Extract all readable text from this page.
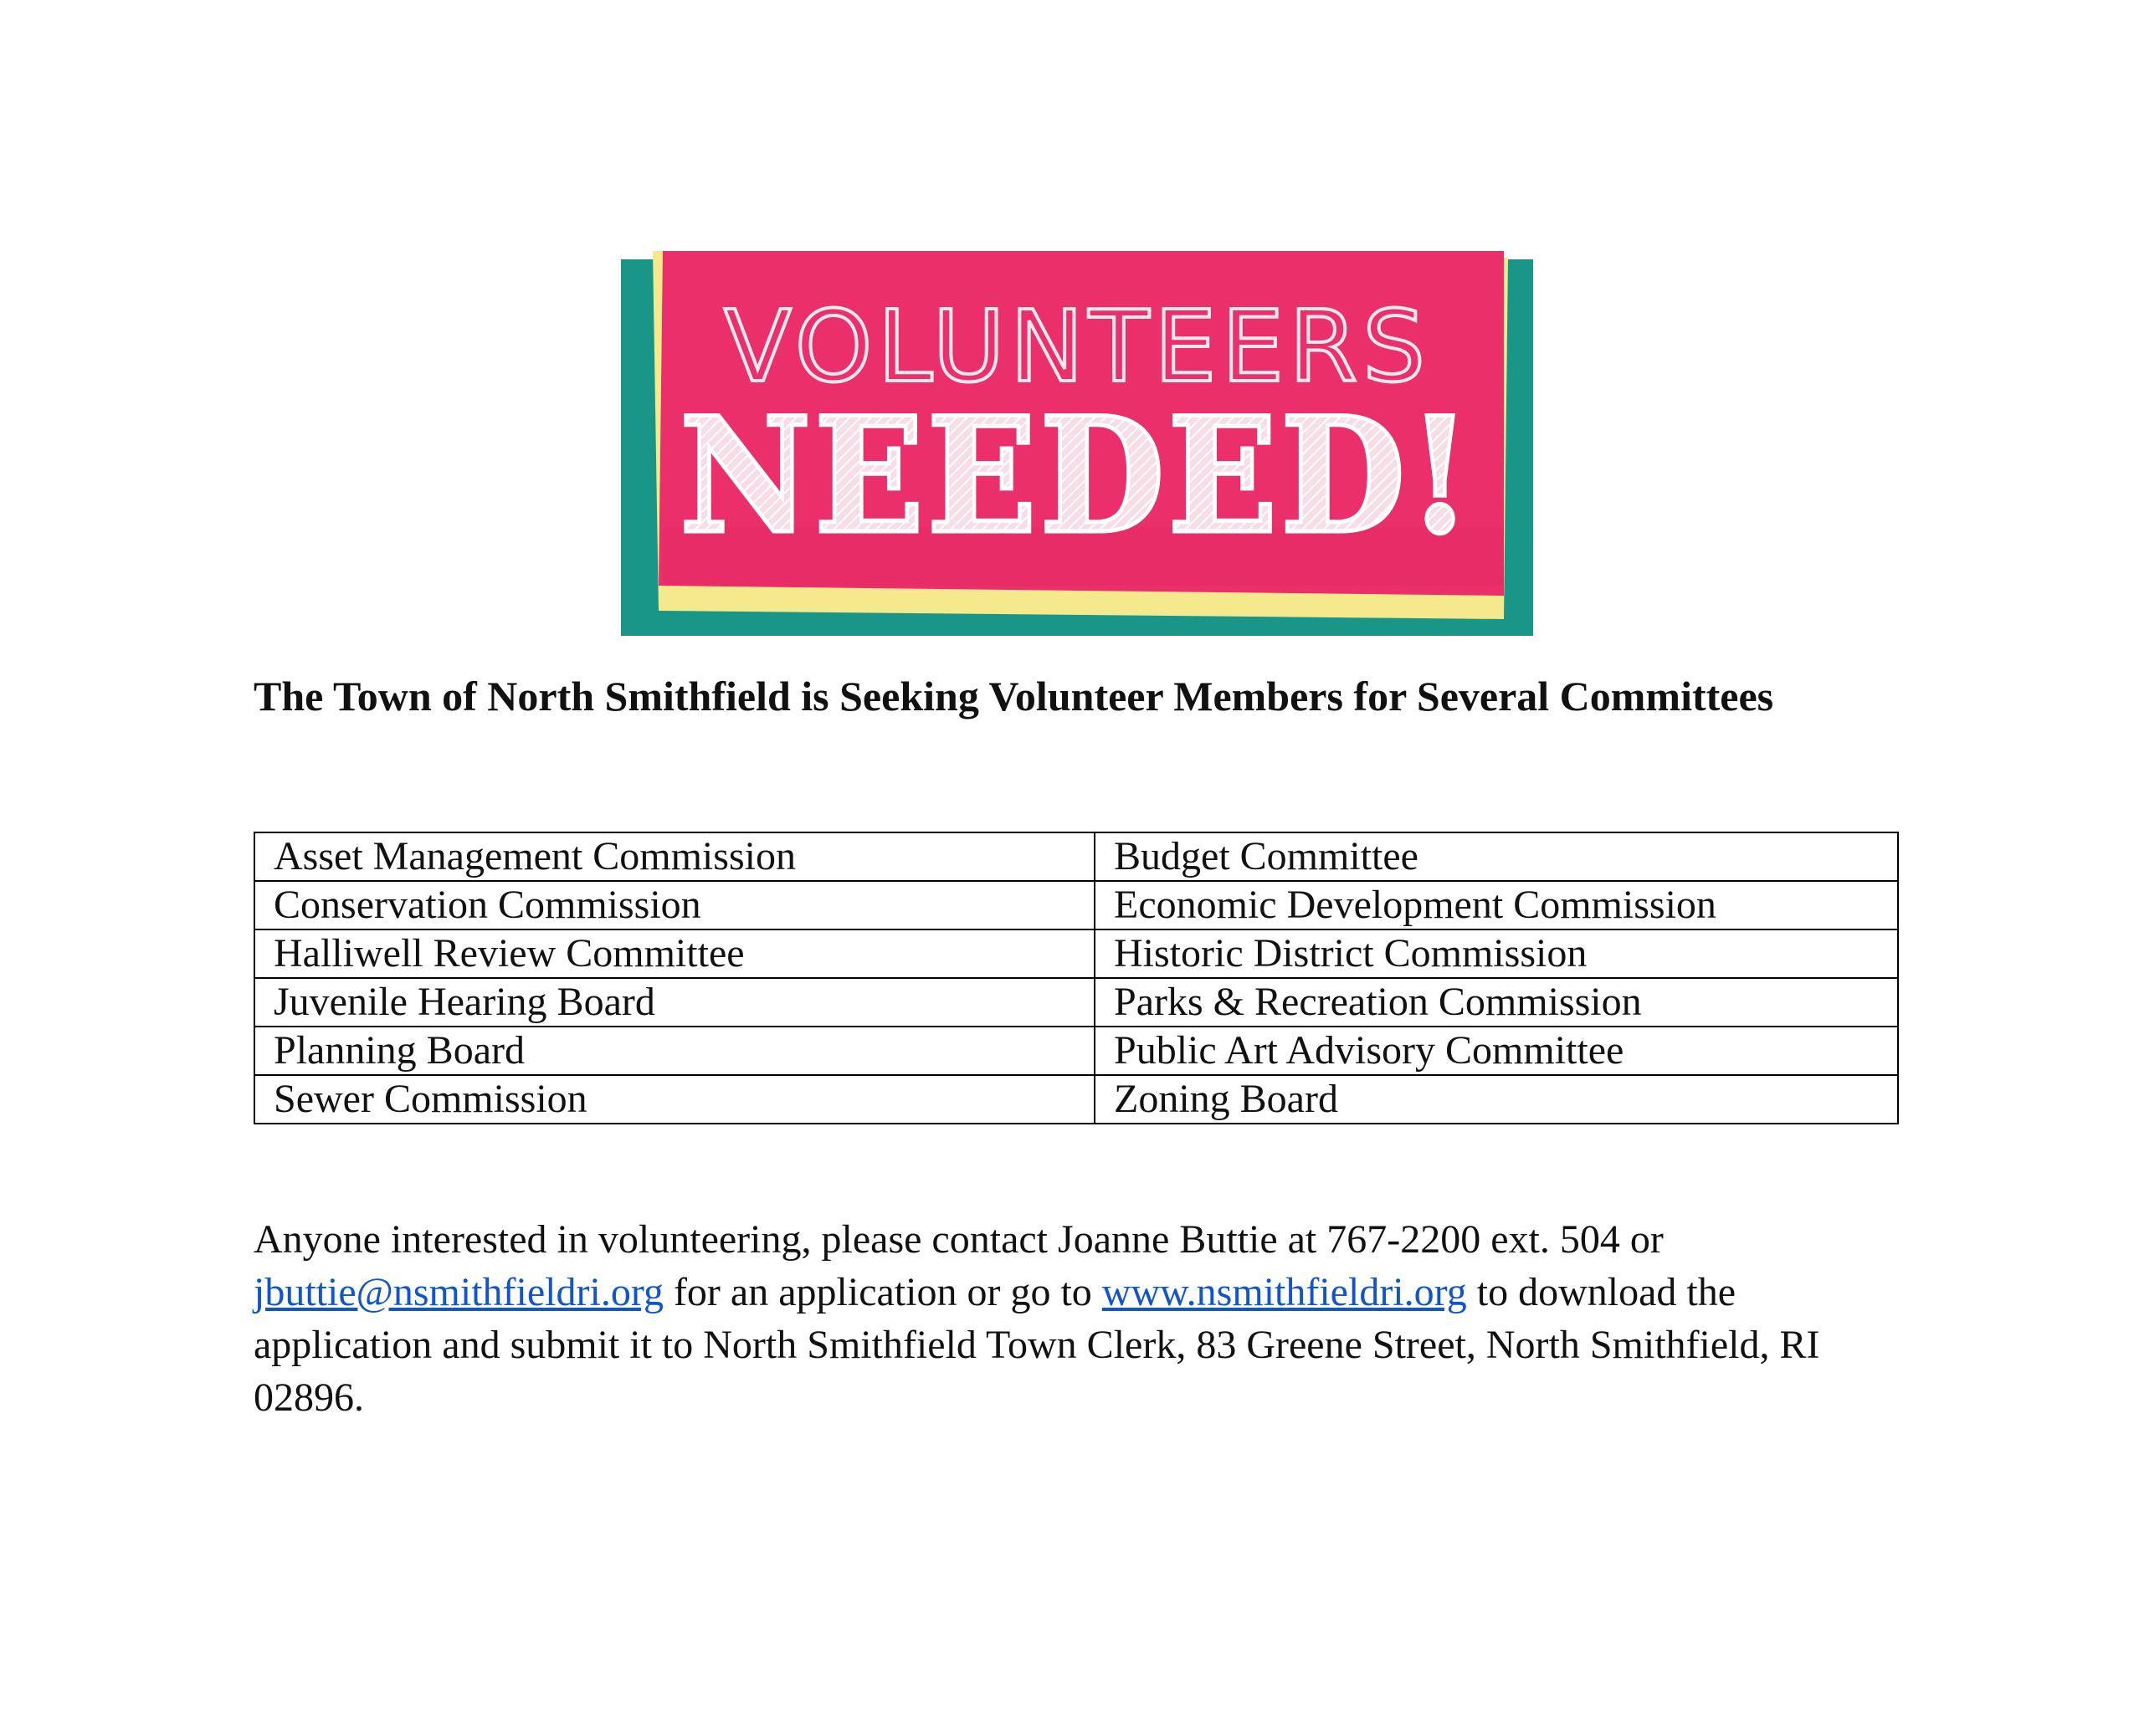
VOLUNTEERS
NEEDED!
The Town of North Smithfield is Seeking Volunteer Members for Several Committees
Asset Management Commission	Budget Committee
Conservation Commission	Economic Development Commission
Halliwell Review Committee	Historic District Commission
Juvenile Hearing Board	Parks & Recreation Commission
Planning Board	Public Art Advisory Committee
Sewer Commission	Zoning Board

Anyone interested in volunteering, please contact Joanne Buttie at 767-2200 ext. 504 or jbuttie@nsmithfieldri.org for an application or go to www.nsmithfieldri.org to download the application and submit it to North Smithfield Town Clerk, 83 Greene Street, North Smithfield, RI 02896.
